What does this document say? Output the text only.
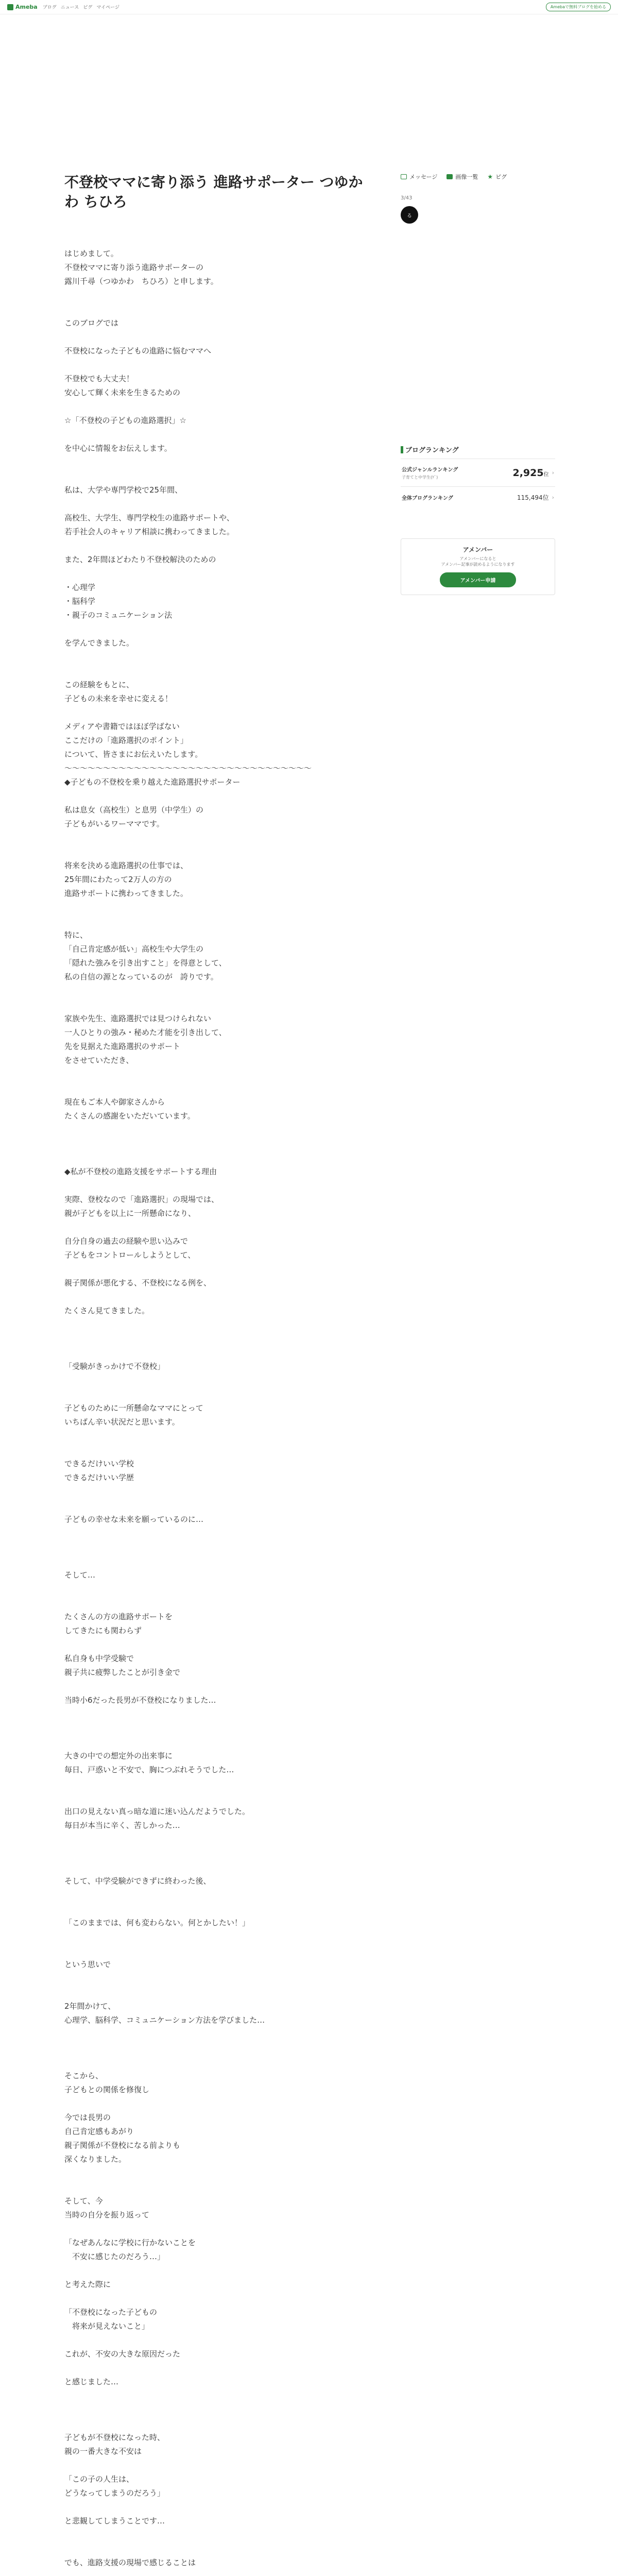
Ameba ブログ ニュース ピグ マイページ	Amebaで無料ブログを始める
不登校ママに寄り添う 進路サポーター つゆかわ ちひろ

はじめまして。

不登校ママに寄り添う進路サポーターの

露川千尋（つゆかわ　ちひろ）と申します。

このブログでは

不登校になった子どもの進路に悩むママへ

不登校でも大丈夫！
安心して輝く未来を生きるための

☆「不登校の子どもの進路選択」☆

を中心に情報をお伝えします。

私は、大学や専門学校で25年間、

高校生、大学生、専門学校生の進路サポートや、
若手社会人のキャリア相談に携わってきました。

また、2年間ほどわたり不登校解決のための

・心理学
・脳科学
・親子のコミュニケーション法

を学んできました。

この経験をもとに、
子どもの未来を幸せに変える！

メディアや書籍ではほぼ学ばない
ここだけの「進路選択のポイント」
について、皆さまにお伝えいたします。

～～～～～～～～～～～～～～～～～～～～～～～～～～～～～～～～

◆子どもの不登校を乗り越えた進路選択サポーター

私は息女（高校生）と息男（中学生）の
子どもがいるワーママです。

将来を決める進路選択の仕事では、
25年間にわたって2万人の方の
進路サポートに携わってきました。

特に、
「自己肯定感が低い」高校生や大学生の
「隠れた強みを引き出すこと」を得意として、
私の自信の源となっているのが　誇りです。

家族や先生、進路選択では見つけられない
一人ひとりの強み・秘めた才能を引き出して、
先を見据えた進路選択のサポート
をさせていただき、

現在もご本人や御家さんから
たくさんの感謝をいただいています。

◆私が不登校の進路支援をサポートする理由

実際、登校なので「進路選択」の現場では、
親が子どもを以上に一所懸命になり、

自分自身の過去の経験や思い込みで
子どもをコントロールしようとして、

親子関係が悪化する、不登校になる例を、

たくさん見てきました。

「受験がきっかけで不登校」

子どものために一所懸命なママにとって
いちばん辛い状況だと思います。

できるだけいい学校
できるだけいい学歴

子どもの幸せな未来を願っているのに…

そして…

たくさんの方の進路サポートを
してきたにも関わらず

私自身も中学受験で
親子共に疲弊したことが引き金で

当時小6だった長男が不登校になりました…

大きの中での想定外の出来事に
毎日、戸惑いと不安で、胸につぶれそうでした…

出口の見えない真っ暗な道に迷い込んだようでした。
毎日が本当に辛く、苦しかった…

そして、中学受験ができずに終わった後、

「このままでは、何も変わらない。何とかしたい！」

という思いで

2年間かけて、
心理学、脳科学、コミュニケーション方法を学びました…

そこから、
子どもとの関係を修復し

今では長男の
自己肯定感もあがり
親子関係が不登校になる前よりも
深くなりました。

そして、今
当時の自分を振り返って

「なぜあんなに学校に行かないことを
　不安に感じたのだろう…」

と考えた際に

「不登校になった子どもの
　将来が見えないこと」

これが、不安の大きな原因だった

と感じました…

子どもが不登校になった時、
親の一番大きな不安は

「この子の人生は、
どうなってしまうのだろう」

と悲観してしまうことです…

でも、進路支援の現場で感じることは

メッセージ	画像一覧 ★ ピグ
3/43
る
ブログランキング
公式ジャンルランキング
子育てと中学生(ｹﾞ)	2,925位 ›
全体ブログランキング	115,494位 ›
アメンバー
アメンバーになると
アメンバー記事が読めるようになります
アメンバー申請
